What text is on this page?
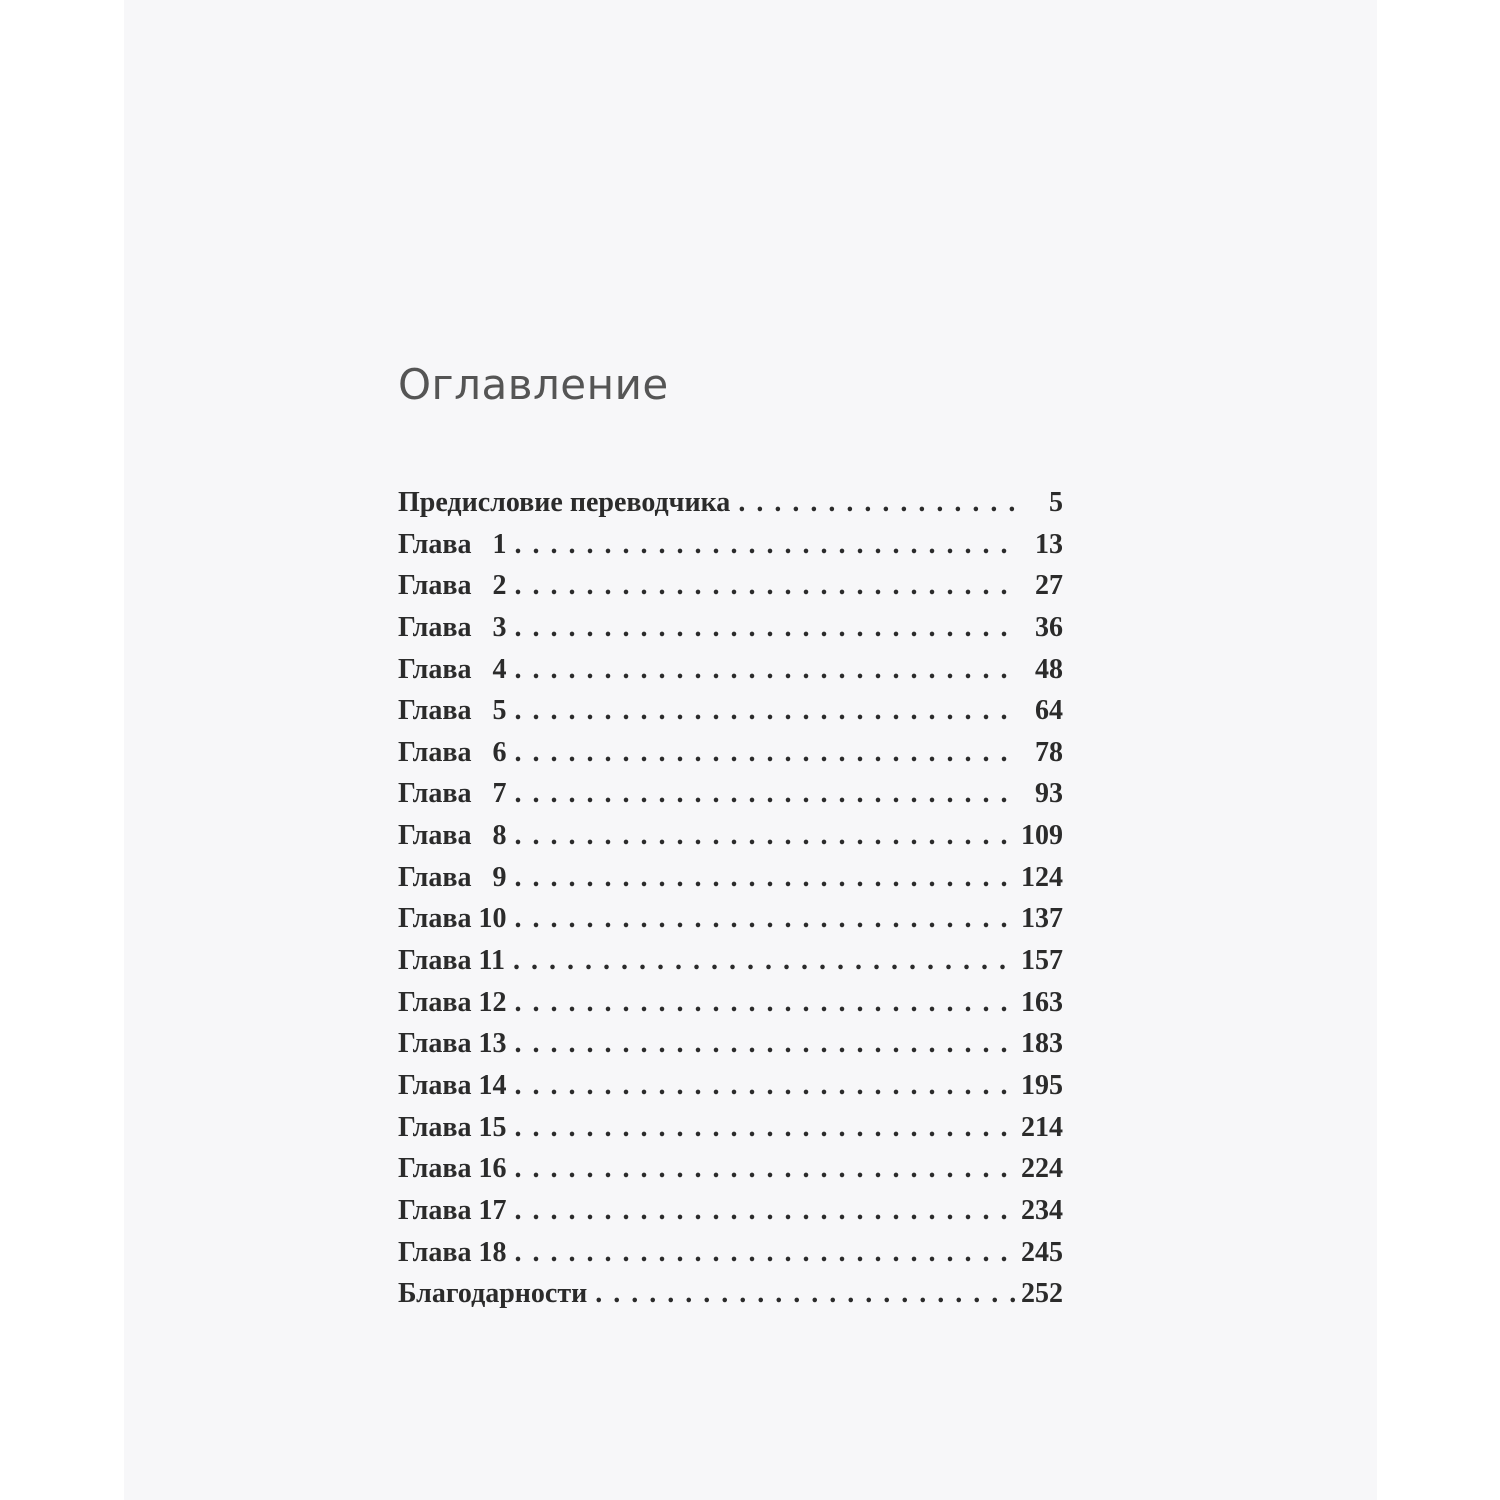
Оглавление
Предисловие переводчика . . .	5
Глава   1 . . .	13
Глава   2 . . .	27
Глава   3 . . .	36
Глава   4 . . .	48
Глава   5 . . .	64
Глава   6 . . .	78
Глава   7 . . .	93
Глава   8 . . .	109
Глава   9 . . .	124
Глава 10 . . .	137
Глава 11 . . .	157
Глава 12 . . .	163
Глава 13 . . .	183
Глава 14 . . .	195
Глава 15 . . .	214
Глава 16 . . .	224
Глава 17 . . .	234
Глава 18 . . .	245
Благодарности . . .	252
